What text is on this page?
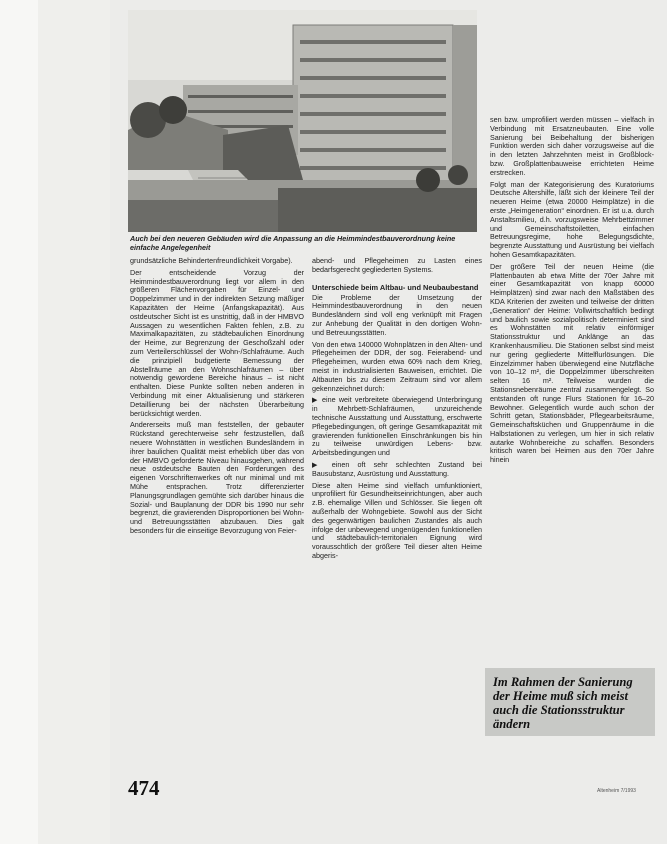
Auch bei den neueren Gebäuden wird die Anpassung an die Heimmindestbauverordnung keine einfache Angelegenheit

grundsätzliche Behindertenfreundlichkeit Vorgabe).

Der entscheidende Vorzug der Heimmindestbauverordnung liegt vor allem in den größeren Flächenvorgaben für Einzel- und Doppelzimmer und in der indirekten Setzung mäßiger Kapazitäten der Heime (Anfangskapazität). Aus ostdeutscher Sicht ist es unstrittig, daß in der HMBVO Aussagen zu wesentlichen Fakten fehlen, z.B. zu Maximalkapazitäten, zu städtebaulichen Einordnung der Heime, zur Begrenzung der Geschoßzahl oder zum Verteilerschlüssel der Wohn-/Schlafräume. Auch die prinzipiell budgetierte Bemessung der Abstellräume an den Wohnschlafräumen – über notwendig gewordene Bereiche hinaus – ist nicht enthalten. Diese Punkte sollten neben anderen in Verbindung mit einer Aktualisierung und stärkeren Detaillierung bei der nächsten Überarbeitung berücksichtigt werden.

Andererseits muß man feststellen, der gebauter Rückstand gerechterweise sehr festzustellen, daß neuere Wohnstätten in westlichen Bundesländern in ihrer baulichen Qualität meist erheblich über das von der HMBVO geforderte Niveau hinausgehen, während neue ostdeutsche Bauten den Forderungen des eigenen Vorschriftenwerkes oft nur minimal und mit Mühe entsprachen. Trotz differenzierter Planungsgrundlagen gemühte sich darüber hinaus die Sozial- und Bauplanung der DDR bis 1990 nur sehr begrenzt, die gravierenden Disproportionen bei Wohn- und Betreuungsstätten abzubauen. Dies galt besonders für die einseitige Bevorzugung von Feier-

abend- und Pflegeheimen zu Lasten eines bedarfsgerecht gegliederten Systems.

Unterschiede beim Altbau- und Neubaubestand

Die Probleme der Umsetzung der Heimmindestbauverordnung in den neuen Bundesländern sind voll eng verknüpft mit Fragen zur Anhebung der Qualität in den dortigen Wohn- und Betreuungsstätten.

Von den etwa 140000 Wohnplätzen in den Alten- und Pflegeheimen der DDR, der sog. Feierabend- und Pflegeheimen, wurden etwa 60% nach dem Krieg, meist in industrialisierten Bauweisen, errichtet. Die Altbauten bis zu diesem Zeitraum sind vor allem gekennzeichnet durch:

▶ eine weit verbreitete überwiegend Unterbringung in Mehrbett-Schlafräumen, unzureichende technische Ausstattung und Ausstattung, erschwerte Pflegebedingungen, oft geringe Gesamtkapazität mit gravierenden funktionellen Einschränkungen bis hin zu teilweise unwürdigen Lebens- bzw. Arbeitsbedingungen und

▶ einen oft sehr schlechten Zustand bei Bausubstanz, Ausrüstung und Ausstattung.

Diese alten Heime sind vielfach umfunktioniert, unprofiliert für Gesundheitseinrichtungen, aber auch z.B. ehemalige Villen und Schlösser. Sie liegen oft außerhalb der Wohngebiete. Sowohl aus der Sicht des gegenwärtigen baulichen Zustandes als auch infolge der unbewegend ungenügenden funktionellen und städtebaulich-territorialen Eignung wird vorausschtlich der größere Teil dieser alten Heime abgeris-

sen bzw. umprofiliert werden müssen – vielfach in Verbindung mit Ersatzneubauten. Eine volle Sanierung bei Beibehaltung der bisherigen Funktion werden sich daher vorzugsweise auf die in den letzten Jahrzehnten meist in Großblock- bzw. Großplattenbauweise errichteten Heime erstrecken.

Folgt man der Kategorisierung des Kuratoriums Deutsche Altershilfe, läßt sich der kleinere Teil der neueren Heime (etwa 20000 Heimplätze) in die erste „Heimgeneration“ einordnen. Er ist u.a. durch Anstaltsmilieu, d.h. vorzugsweise Mehrbettzimmer und Gemeinschaftstoiletten, einfachen Betreuungsregime, hohe Belegungsdichte, begrenzte Ausstattung und Ausrüstung bei vielfach hohen Gesamtkapazitäten.

Der größere Teil der neuen Heime (die Plattenbauten ab etwa Mitte der 70er Jahre mit einer Gesamtkapazität von knapp 60000 Heimplätzen) sind zwar nach den Maßstäben des KDA Kriterien der zweiten und teilweise der dritten „Generation“ der Heime: Vollwirtschaftlich bedingt und baulich sowie sozialpolitisch determiniert sind es Wohnstätten mit relativ einförmiger Stationsstruktur und Anklänge an das Krankenhausmilieu. Die Stationen selbst sind meist nur gering gegliederte Mittelflurlösungen. Die Einzelzimmer haben überwiegend eine Nutzfläche von 10–12 m², die Doppelzimmer überschreiten selten 16 m². Teilweise wurden die Stationsnebenräume zentral zusammengelegt. So entstanden oft runge Flurs Stationen für 16–20 Bewohner. Gelegentlich wurde auch schon der Schritt getan, Stationsbäder, Pflegearbeitsräume, Gemeinschaftsküchen und Gruppenräume in die Halbstationen zu verlegen, um hier in sich relativ autarke Wohnbereiche zu schaffen. Besonders kritisch waren bei Heimen aus den 70er Jahre hinein

Im Rahmen der Sanierung der Heime muß sich meist auch die Stationsstruktur ändern
474	Altenheim 7/1993
